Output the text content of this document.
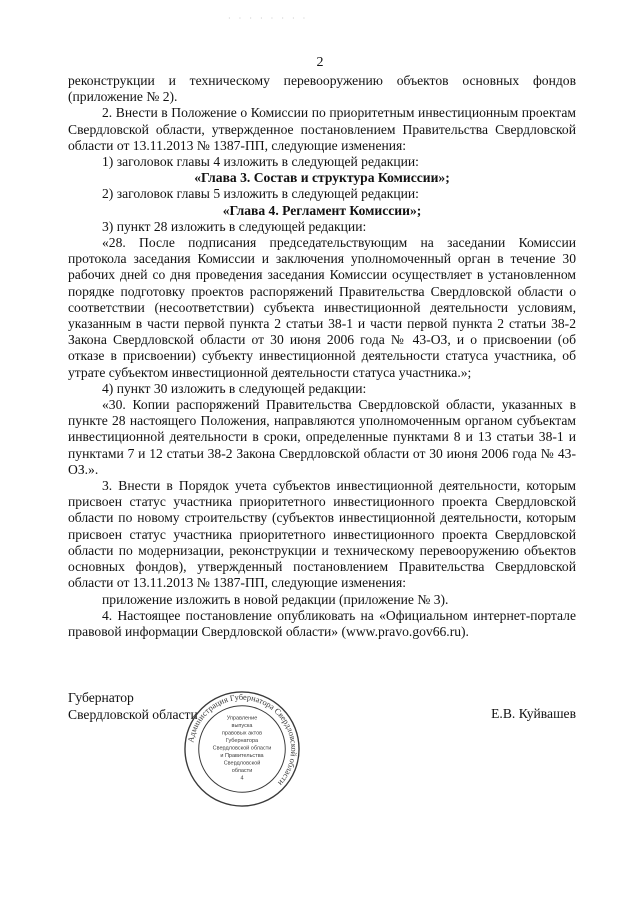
· · · · · · · ·
2

реконструкции и техническому перевооружению объектов основных фондов (приложение № 2).

2. Внести в Положение о Комиссии по приоритетным инвестиционным проектам Свердловской области, утвержденное постановлением Правительства Свердловской области от 13.11.2013 № 1387-ПП, следующие изменения:

1) заголовок главы 4 изложить в следующей редакции:

«Глава 3. Состав и структура Комиссии»;

2) заголовок главы 5 изложить в следующей редакции:

«Глава 4. Регламент Комиссии»;

3) пункт 28 изложить в следующей редакции:

«28. После подписания председательствующим на заседании Комиссии протокола заседания Комиссии и заключения уполномоченный орган в течение 30 рабочих дней со дня проведения заседания Комиссии осуществляет в установленном порядке подготовку проектов распоряжений Правительства Свердловской области о соответствии (несоответствии) субъекта инвестиционной деятельности условиям, указанным в части первой пункта 2 статьи 38-1 и части первой пункта 2 статьи 38-2 Закона Свердловской области от 30 июня 2006 года № 43-ОЗ, и о присвоении (об отказе в присвоении) субъекту инвестиционной деятельности статуса участника, об утрате субъектом инвестиционной деятельности статуса участника.»;

4) пункт 30 изложить в следующей редакции:

«30. Копии распоряжений Правительства Свердловской области, указанных в пункте 28 настоящего Положения, направляются уполномоченным органом субъектам инвестиционной деятельности в сроки, определенные пунктами 8 и 13 статьи 38-1 и пунктами 7 и 12 статьи 38-2 Закона Свердловской области от 30 июня 2006 года № 43-ОЗ.».

3. Внести в Порядок учета субъектов инвестиционной деятельности, которым присвоен статус участника приоритетного инвестиционного проекта Свердловской области по новому строительству (субъектов инвестиционной деятельности, которым присвоен статус участника приоритетного инвестиционного проекта Свердловской области по модернизации, реконструкции и техническому перевооружению объектов основных фондов), утвержденный постановлением Правительства Свердловской области от 13.11.2013 № 1387-ПП, следующие изменения:

приложение изложить в новой редакции (приложение № 3).

4. Настоящее постановление опубликовать на «Официальном интернет-портале правовой информации Свердловской области» (www.pravo.gov66.ru).

Губернатор
Свердловской области	Е.В. Куйвашев
Администрация Губернатора Свердловской области
Управление
выпуска
правовых актов
Губернатора
Свердловской области
и Правительства
Свердловской
области
4
